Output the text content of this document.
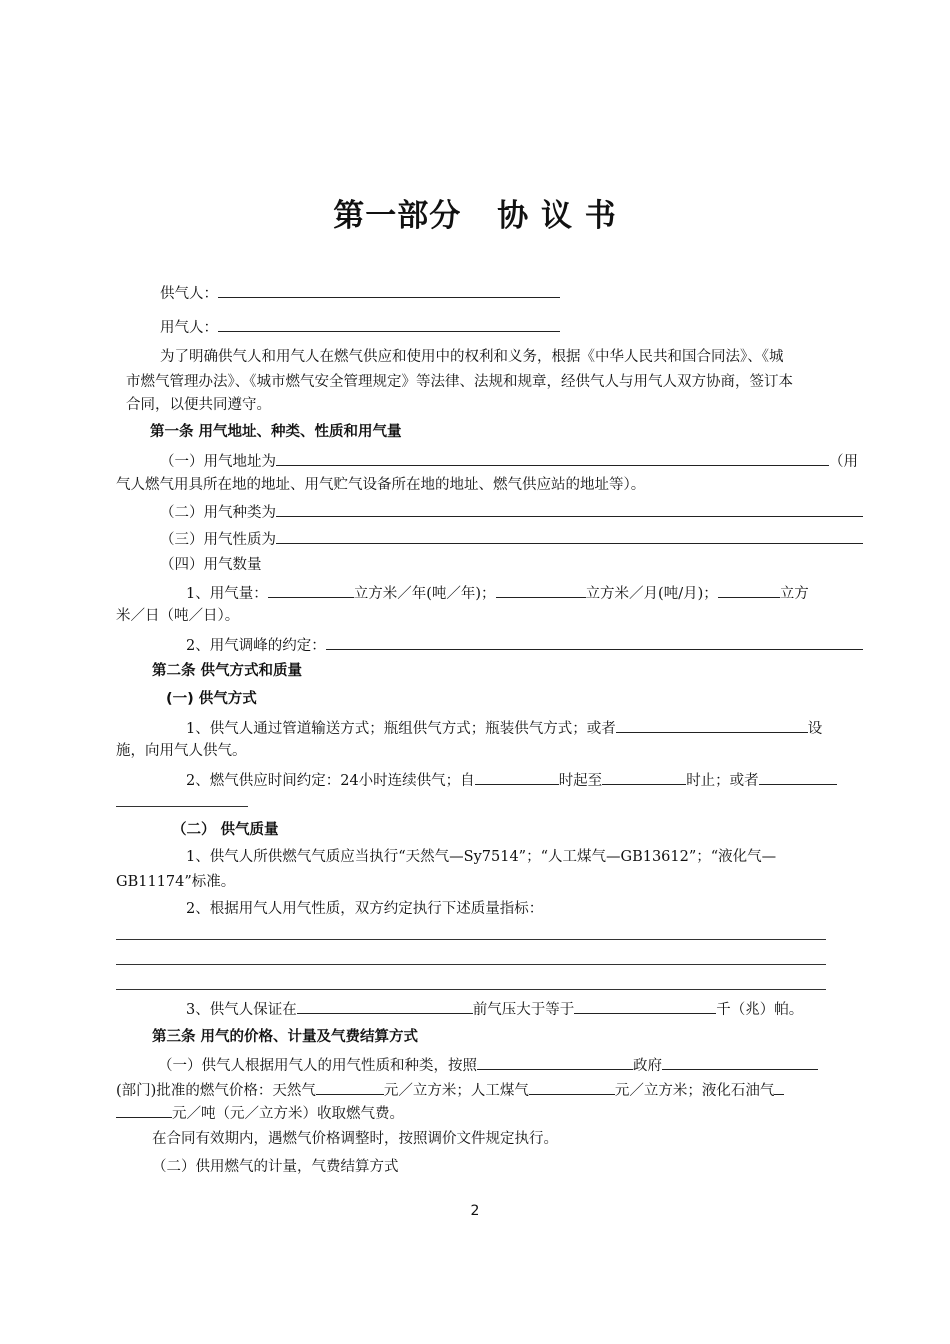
第一部分 协 议 书
供气人：
用气人：
为了明确供气人和用气人在燃气供应和使用中的权利和义务，根据《中华人民共和国合同法》、《城
市燃气管理办法》、《城市燃气安全管理规定》等法律、法规和规章，经供气人与用气人双方协商，签订本
合同，以便共同遵守。
第一条 用气地址、种类、性质和用气量
（一）用气地址为	（用
气人燃气用具所在地的地址、用气贮气设备所在地的地址、燃气供应站的地址等）。
（二）用气种类为
（三）用气性质为
（四）用气数量
1、用气量：	立方米／年(吨／年)；	立方米／月(吨/月)；	立方
米／日（吨／日）。
2、用气调峰的约定：
第二条 供气方式和质量
(一) 供气方式
1、供气人通过管道输送方式；瓶组供气方式；瓶装供气方式；或者	设
施，向用气人供气。
2、燃气供应时间约定：24小时连续供气；自	时起至	时止；或者
（二） 供气质量
1、供气人所供燃气气质应当执行“天然气—Sy7514”；“人工煤气—GB13612”；“液化气—
GB11174”标准。
2、根据用气人用气性质，双方约定执行下述质量指标：
3、供气人保证在	前气压大于等于	千（兆）帕。
第三条 用气的价格、计量及气费结算方式
（一）供气人根据用气人的用气性质和种类，按照	政府
(部门)批准的燃气价格：天然气	元／立方米；人工煤气	元／立方米；液化石油气
元／吨（元／立方米）收取燃气费。
在合同有效期内，遇燃气价格调整时，按照调价文件规定执行。
（二）供用燃气的计量，气费结算方式
2
